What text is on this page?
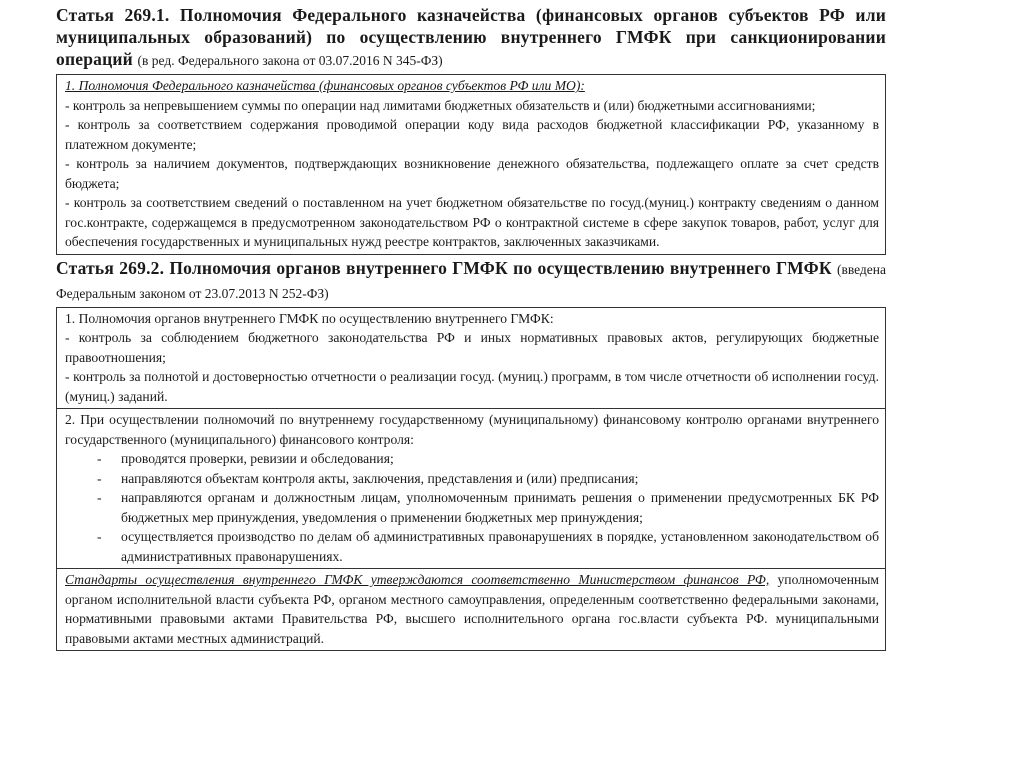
Статья 269.1. Полномочия Федерального казначейства (финансовых органов субъектов РФ или муниципальных образований) по осуществлению внутреннего ГМФК при санкционировании операций (в ред. Федерального закона от 03.07.2016 N 345-ФЗ)

1. Полномочия Федерального казначейства (финансовых органов субъектов РФ или МО):

- контроль за непревышением суммы по операции над лимитами бюджетных обязательств и (или) бюджетными ассигнованиями;

- контроль за соответствием содержания проводимой операции коду вида расходов бюджетной классификации РФ, указанному в платежном документе;

- контроль за наличием документов, подтверждающих возникновение денежного обязательства, подлежащего оплате за счет средств бюджета;

- контроль за соответствием сведений о поставленном на учет бюджетном обязательстве по госуд.(муниц.) контракту сведениям о данном гос.контракте, содержащемся в предусмотренном законодательством РФ о контрактной системе в сфере закупок товаров, работ, услуг для обеспечения государственных и муниципальных нужд реестре контрактов, заключенных заказчиками.

Статья 269.2. Полномочия органов внутреннего ГМФК по осуществлению внутреннего ГМФК (введена Федеральным законом от 23.07.2013 N 252-ФЗ)

1. Полномочия органов внутреннего ГМФК по осуществлению внутреннего ГМФК:

- контроль за соблюдением бюджетного законодательства РФ и иных нормативных правовых актов, регулирующих бюджетные правоотношения;

- контроль за полнотой и достоверностью отчетности о реализации госуд. (муниц.) программ, в том числе отчетности об исполнении госуд. (муниц.) заданий.

2. При осуществлении полномочий по внутреннему государственному (муниципальному) финансовому контролю органами внутреннего государственного (муниципального) финансового контроля:

- проводятся проверки, ревизии и обследования;
- направляются объектам контроля акты, заключения, представления и (или) предписания;
- направляются органам и должностным лицам, уполномоченным принимать решения о применении предусмотренных БК РФ бюджетных мер принуждения, уведомления о применении бюджетных мер принуждения;
- осуществляется производство по делам об административных правонарушениях в порядке, установленном законодательством об административных правонарушениях.

Стандарты осуществления внутреннего ГМФК утверждаются соответственно Министерством финансов РФ, уполномоченным органом исполнительной власти субъекта РФ, органом местного самоуправления, определенным соответственно федеральными законами, нормативными правовыми актами Правительства РФ, высшего исполнительного органа гос.власти субъекта РФ. муниципальными правовыми актами местных администраций.
